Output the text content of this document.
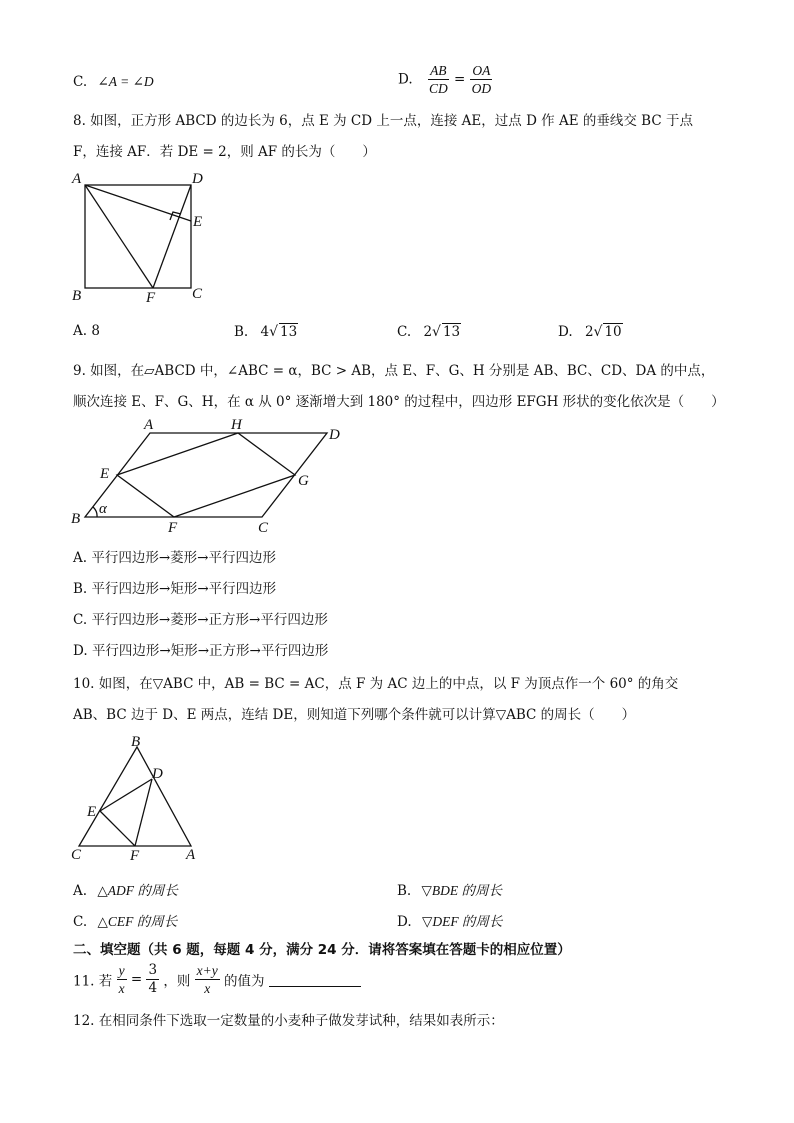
C. ∠A = ∠D	D. $\frac{AB}{CD} = \frac{OA}{OD}$
8. 如图，正方形 ABCD 的边长为 6，点 E 为 CD 上一点，连接 AE，过点 D 作 AE 的垂线交 BC 于点
F，连接 AF．若 DE = 2，则 AF 的长为（　　）
A	D
E
B	F C
A. 8	B. 4√ 13	C. 2√ 13	D. 2√ 10
9. 如图，在▱ABCD 中，∠ABC = α，BC > AB，点 E、F、G、H 分别是 AB、BC、CD、DA 的中点，
顺次连接 E、F、G、H，在 α 从 0° 逐渐增大到 180° 的过程中，四边形 EFGH 形状的变化依次是（　　）
A	H
D
E	G
B
α
F	C
A. 平行四边形→菱形→平行四边形
B. 平行四边形→矩形→平行四边形
C. 平行四边形→菱形→正方形→平行四边形
D. 平行四边形→矩形→正方形→平行四边形
10. 如图，在▽ABC 中，AB = BC = AC，点 F 为 AC 边上的中点，以 F 为顶点作一个 60° 的角交
AB、BC 边于 D、E 两点，连结 DE，则知道下列哪个条件就可以计算▽ABC 的周长（　　）
B
D
E
C	F	A
A. △ADF 的周长	B. ▽BDE 的周长
C. △CEF 的周长	D. ▽DEF 的周长
二、填空题（共 6 题，每题 4 分，满分 24 分．请将答案填在答题卡的相应位置）
11. 若 $\frac{y}{x} = \frac{3}{4}$ ，则 $\frac{x+y}{x}$ 的值为
12. 在相同条件下选取一定数量的小麦种子做发芽试种，结果如表所示：
